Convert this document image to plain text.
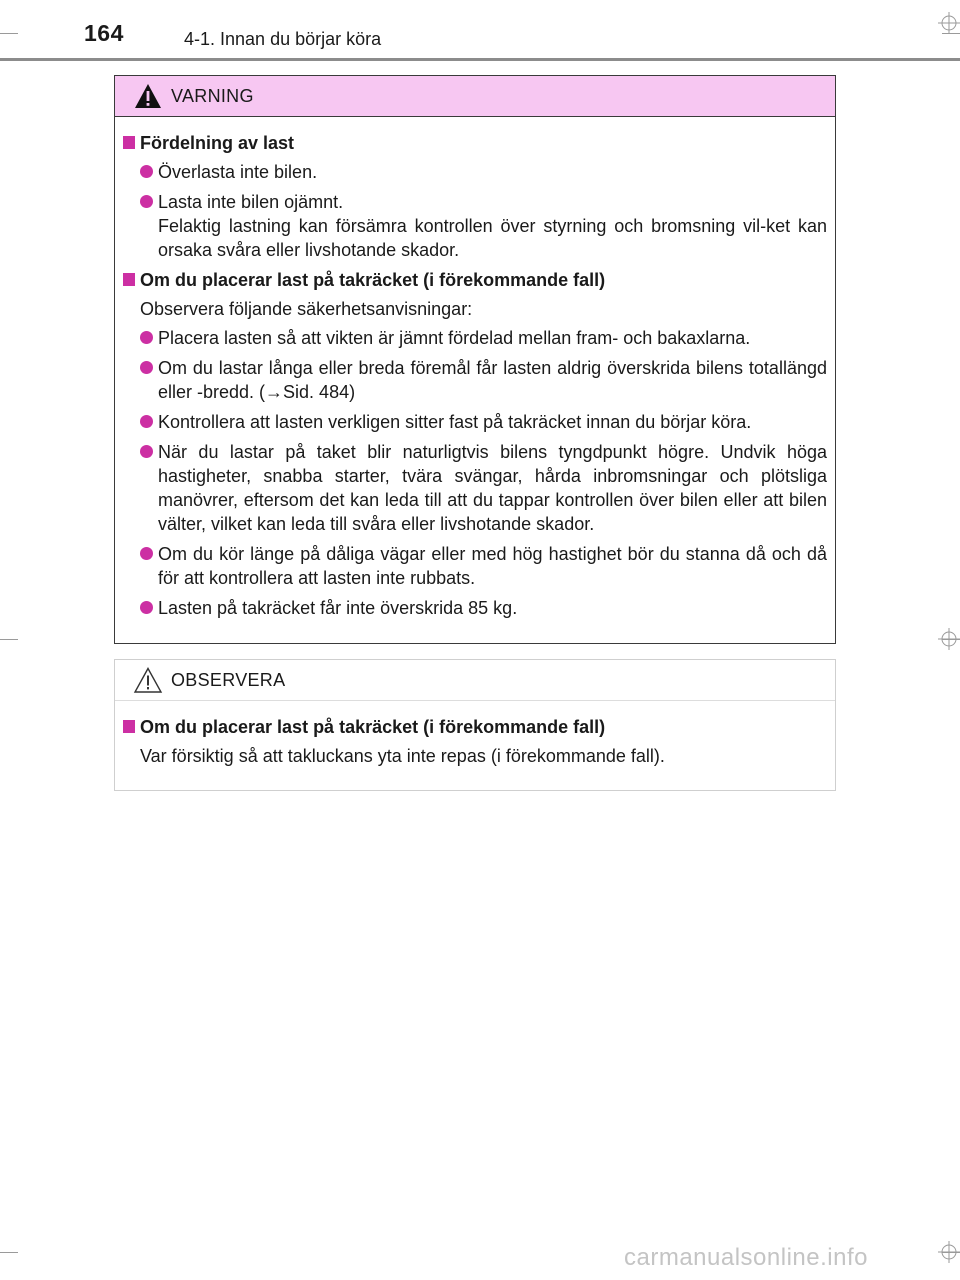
164	4-1. Innan du börjar köra
VARNING
Fördelning av last
Överlasta inte bilen.
Lasta inte bilen ojämnt.
Felaktig lastning kan försämra kontrollen över styrning och bromsning vil-ket kan orsaka svåra eller livshotande skador.
Om du placerar last på takräcket (i förekommande fall)
Observera följande säkerhetsanvisningar:
Placera lasten så att vikten är jämnt fördelad mellan fram- och bakaxlarna.
Om du lastar långa eller breda föremål får lasten aldrig överskrida bilens totallängd eller -bredd. (→Sid. 484)
Kontrollera att lasten verkligen sitter fast på takräcket innan du börjar köra.
När du lastar på taket blir naturligtvis bilens tyngdpunkt högre. Undvik höga hastigheter, snabba starter, tvära svängar, hårda inbromsningar och plötsliga manövrer, eftersom det kan leda till att du tappar kontrollen över bilen eller att bilen välter, vilket kan leda till svåra eller livshotande skador.
Om du kör länge på dåliga vägar eller med hög hastighet bör du stanna då och då för att kontrollera att lasten inte rubbats.
Lasten på takräcket får inte överskrida 85 kg.
OBSERVERA
Om du placerar last på takräcket (i förekommande fall)
Var försiktig så att takluckans yta inte repas (i förekommande fall).
carmanualsonline.info
